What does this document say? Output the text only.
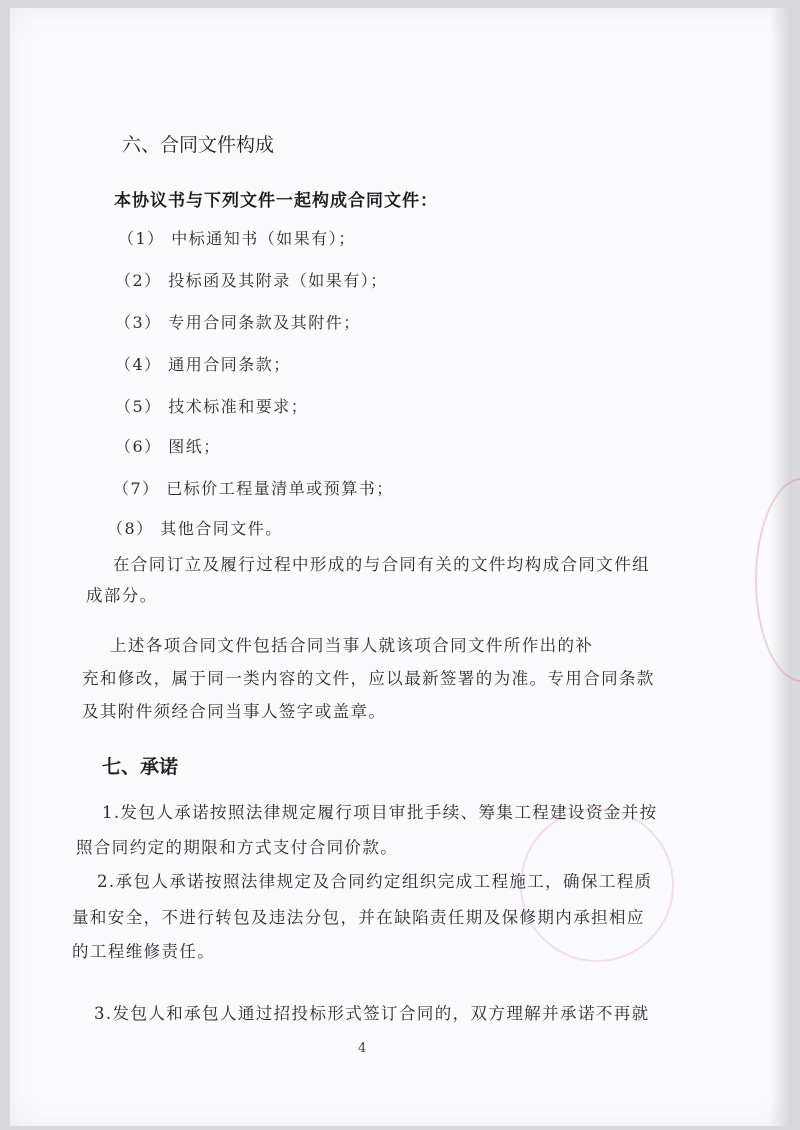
六、合同文件构成
本协议书与下列文件一起构成合同文件：
（1） 中标通知书（如果有）；
（2） 投标函及其附录（如果有）；
（3） 专用合同条款及其附件；
（4） 通用合同条款；
（5） 技术标准和要求；
（6） 图纸；
（7） 已标价工程量清单或预算书；
（8） 其他合同文件。
在合同订立及履行过程中形成的与合同有关的文件均构成合同文件组
成部分。
上述各项合同文件包括合同当事人就该项合同文件所作出的补
充和修改，属于同一类内容的文件，应以最新签署的为准。专用合同条款
及其附件须经合同当事人签字或盖章。
七、承诺
1.发包人承诺按照法律规定履行项目审批手续、筹集工程建设资金并按
照合同约定的期限和方式支付合同价款。
2.承包人承诺按照法律规定及合同约定组织完成工程施工，确保工程质
量和安全，不进行转包及违法分包，并在缺陷责任期及保修期内承担相应
的工程维修责任。
3.发包人和承包人通过招投标形式签订合同的，双方理解并承诺不再就
4
